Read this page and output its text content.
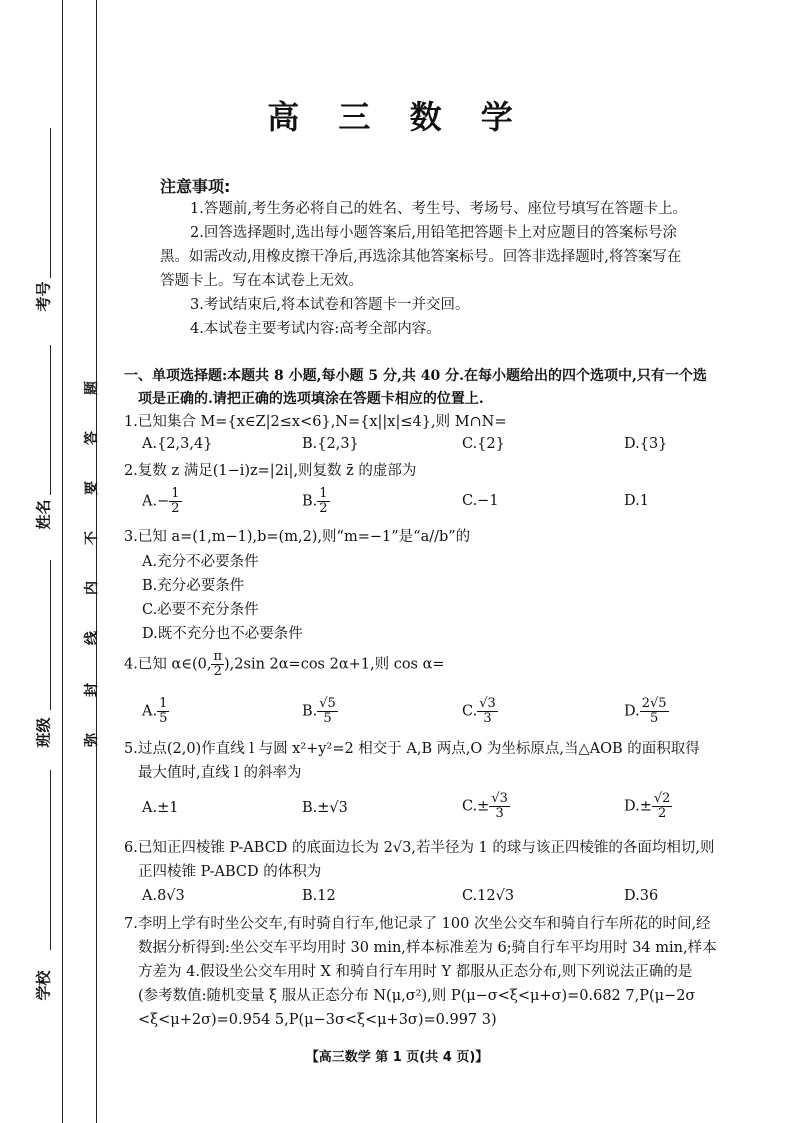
考号
姓名
班级
学校
题
答
要
不
内
线
封
弥
高 三 数 学
注意事项:
1.答题前,考生务必将自己的姓名、考生号、考场号、座位号填写在答题卡上。
2.回答选择题时,选出每小题答案后,用铅笔把答题卡上对应题目的答案标号涂
黑。如需改动,用橡皮擦干净后,再选涂其他答案标号。回答非选择题时,将答案写在
答题卡上。写在本试卷上无效。
3.考试结束后,将本试卷和答题卡一并交回。
4.本试卷主要考试内容:高考全部内容。
一、单项选择题:本题共 8 小题,每小题 5 分,共 40 分.在每小题给出的四个选项中,只有一个选
项是正确的.请把正确的选项填涂在答题卡相应的位置上.
1.已知集合 M={x∈Z|2≤x<6},N={x||x|≤4},则 M∩N=
A.{2,3,4}	B.{2,3}	C.{2}	D.{3}
2.复数 z 满足(1−i)z=|2i|,则复数 z̄ 的虚部为
$A.- \frac{1}{2}$	B. $\frac{1}{2}$	C.−1	D.1
3.已知 a=(1,m−1),b=(m,2),则“m=−1”是“a//b”的
A.充分不必要条件
B.充分必要条件
C.必要不充分条件
D.既不充分也不必要条件
4.已知 α∈(0, $\frac{\pi}{2} ),2\sin$ 2α=cos 2α+1,则 cos α=
A. $\frac{1}{5}$	B. $\frac{√5}{5}$	C. $\frac{√3}{3}$	D. $\frac{2√5}{5}$
5.过点(2,0)作直线 l 与圆 x²+y²=2 相交于 A,B 两点,O 为坐标原点,当△AOB 的面积取得
最大值时,直线 l 的斜率为
A.±1	B.±√3	$C.\pm \frac{√3}{3}$	$D.\pm \frac{√2}{2}$
6.已知正四棱锥 P-ABCD 的底面边长为 2√3,若半径为 1 的球与该正四棱锥的各面均相切,则
正四棱锥 P-ABCD 的体积为
A.8√3	B.12	C.12√3	D.36
7.李明上学有时坐公交车,有时骑自行车,他记录了 100 次坐公交车和骑自行车所花的时间,经
数据分析得到:坐公交车平均用时 30 min,样本标准差为 6;骑自行车平均用时 34 min,样本
方差为 4.假设坐公交车用时 X 和骑自行车用时 Y 都服从正态分布,则下列说法正确的是
(参考数值:随机变量 ξ 服从正态分布 N(μ,σ²),则 P(μ−σ<ξ<μ+σ)=0.682 7,P(μ−2σ
<ξ<μ+2σ)=0.954 5,P(μ−3σ<ξ<μ+3σ)=0.997 3)
【高三数学 第 1 页(共 4 页)】
